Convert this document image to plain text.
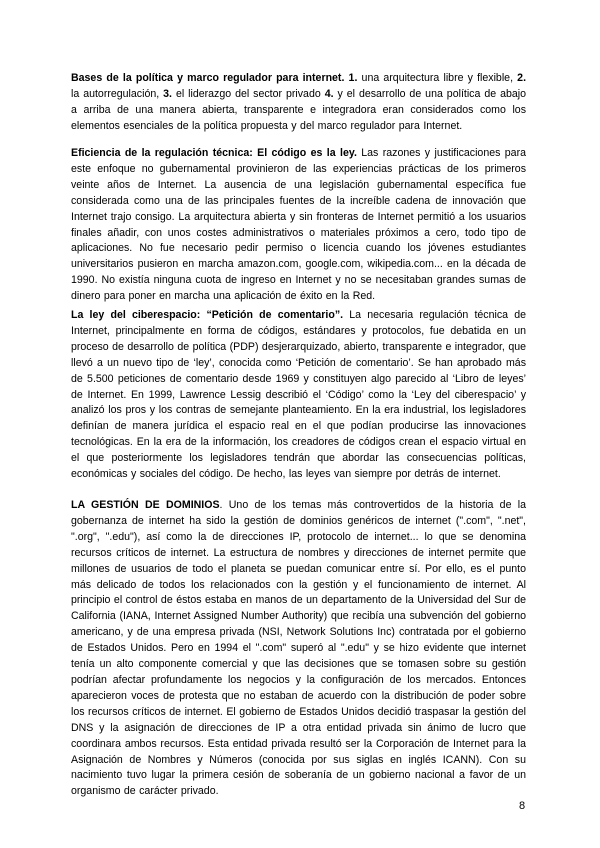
Bases de la política y marco regulador para internet. 1. una arquitectura libre y flexible, 2. la autorregulación, 3. el liderazgo del sector privado 4. y el desarrollo de una política de abajo a arriba de una manera abierta, transparente e integradora eran considerados como los elementos esenciales de la política propuesta y del marco regulador para Internet.

Eficiencia de la regulación técnica: El código es la ley. Las razones y justificaciones para este enfoque no gubernamental provinieron de las experiencias prácticas de los primeros veinte años de Internet. La ausencia de una legislación gubernamental específica fue considerada como una de las principales fuentes de la increíble cadena de innovación que Internet trajo consigo. La arquitectura abierta y sin fronteras de Internet permitió a los usuarios finales añadir, con unos costes administrativos o materiales próximos a cero, todo tipo de aplicaciones. No fue necesario pedir permiso o licencia cuando los jóvenes estudiantes universitarios pusieron en marcha amazon.com, google.com, wikipedia.com... en la década de 1990. No existía ninguna cuota de ingreso en Internet y no se necesitaban grandes sumas de dinero para poner en marcha una aplicación de éxito en la Red.

La ley del ciberespacio: “Petición de comentario”. La necesaria regulación técnica de Internet, principalmente en forma de códigos, estándares y protocolos, fue debatida en un proceso de desarrollo de política (PDP) desjerarquizado, abierto, transparente e integrador, que llevó a un nuevo tipo de ‘ley’, conocida como ‘Petición de comentario’. Se han aprobado más de 5.500 peticiones de comentario desde 1969 y constituyen algo parecido al ‘Libro de leyes’ de Internet. En 1999, Lawrence Lessig describió el ‘Código’ como la ‘Ley del ciberespacio’ y analizó los pros y los contras de semejante planteamiento. En la era industrial, los legisladores definían de manera jurídica el espacio real en el que podían producirse las innovaciones tecnológicas. En la era de la información, los creadores de códigos crean el espacio virtual en el que posteriormente los legisladores tendrán que abordar las consecuencias políticas, económicas y sociales del código. De hecho, las leyes van siempre por detrás de internet.

LA GESTIÓN DE DOMINIOS. Uno de los temas más controvertidos de la historia de la gobernanza de internet ha sido la gestión de dominios genéricos de internet (".com", ".net", ".org", ".edu"), así como la de direcciones IP, protocolo de internet... lo que se denomina recursos críticos de internet. La estructura de nombres y direcciones de internet permite que millones de usuarios de todo el planeta se puedan comunicar entre sí. Por ello, es el punto más delicado de todos los relacionados con la gestión y el funcionamiento de internet. Al principio el control de éstos estaba en manos de un departamento de la Universidad del Sur de California (IANA, Internet Assigned Number Authority) que recibía una subvención del gobierno americano, y de una empresa privada (NSI, Network Solutions Inc) contratada por el gobierno de Estados Unidos. Pero en 1994 el ".com" superó al ".edu" y se hizo evidente que internet tenía un alto componente comercial y que las decisiones que se tomasen sobre su gestión podrían afectar profundamente los negocios y la configuración de los mercados. Entonces aparecieron voces de protesta que no estaban de acuerdo con la distribución de poder sobre los recursos críticos de internet. El gobierno de Estados Unidos decidió traspasar la gestión del DNS y la asignación de direcciones de IP a otra entidad privada sin ánimo de lucro que coordinara ambos recursos. Esta entidad privada resultó ser la Corporación de Internet para la Asignación de Nombres y Números (conocida por sus siglas en inglés ICANN). Con su nacimiento tuvo lugar la primera cesión de soberanía de un gobierno nacional a favor de un organismo de carácter privado.

8
